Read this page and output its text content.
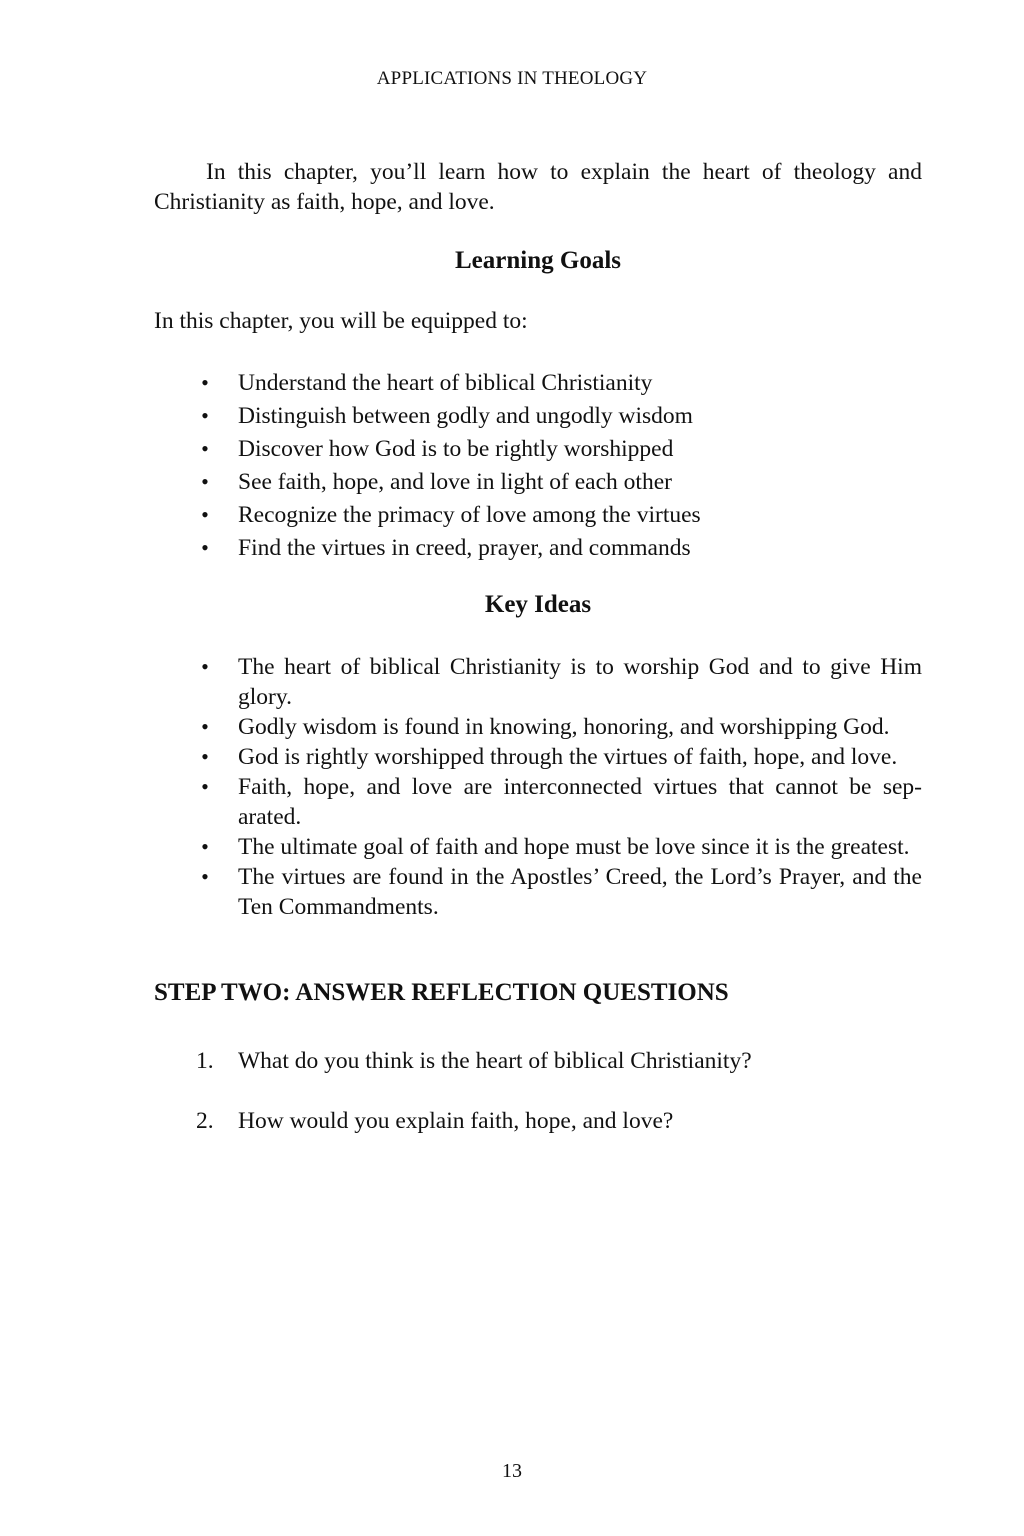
APPLICATIONS IN THEOLOGY

In this chapter, you’ll learn how to explain the heart of theology and Christianity as faith, hope, and love.

Learning Goals

In this chapter, you will be equipped to:

• Understand the heart of biblical Christianity
• Distinguish between godly and ungodly wisdom
• Discover how God is to be rightly worshipped
• See faith, hope, and love in light of each other
• Recognize the primacy of love among the virtues
• Find the virtues in creed, prayer, and commands
Key Ideas
• The heart of biblical Christianity is to worship God and to give Him glory.
• Godly wisdom is found in knowing, honoring, and worshipping God.
• God is rightly worshipped through the virtues of faith, hope, and love.
• Faith, hope, and love are interconnected virtues that cannot be separated.
• The ultimate goal of faith and hope must be love since it is the greatest.
• The virtues are found in the Apostles’ Creed, the Lord’s Prayer, and the Ten Commandments.
STEP TWO: ANSWER REFLECTION QUESTIONS
1. What do you think is the heart of biblical Christianity?
2. How would you explain faith, hope, and love?
13
